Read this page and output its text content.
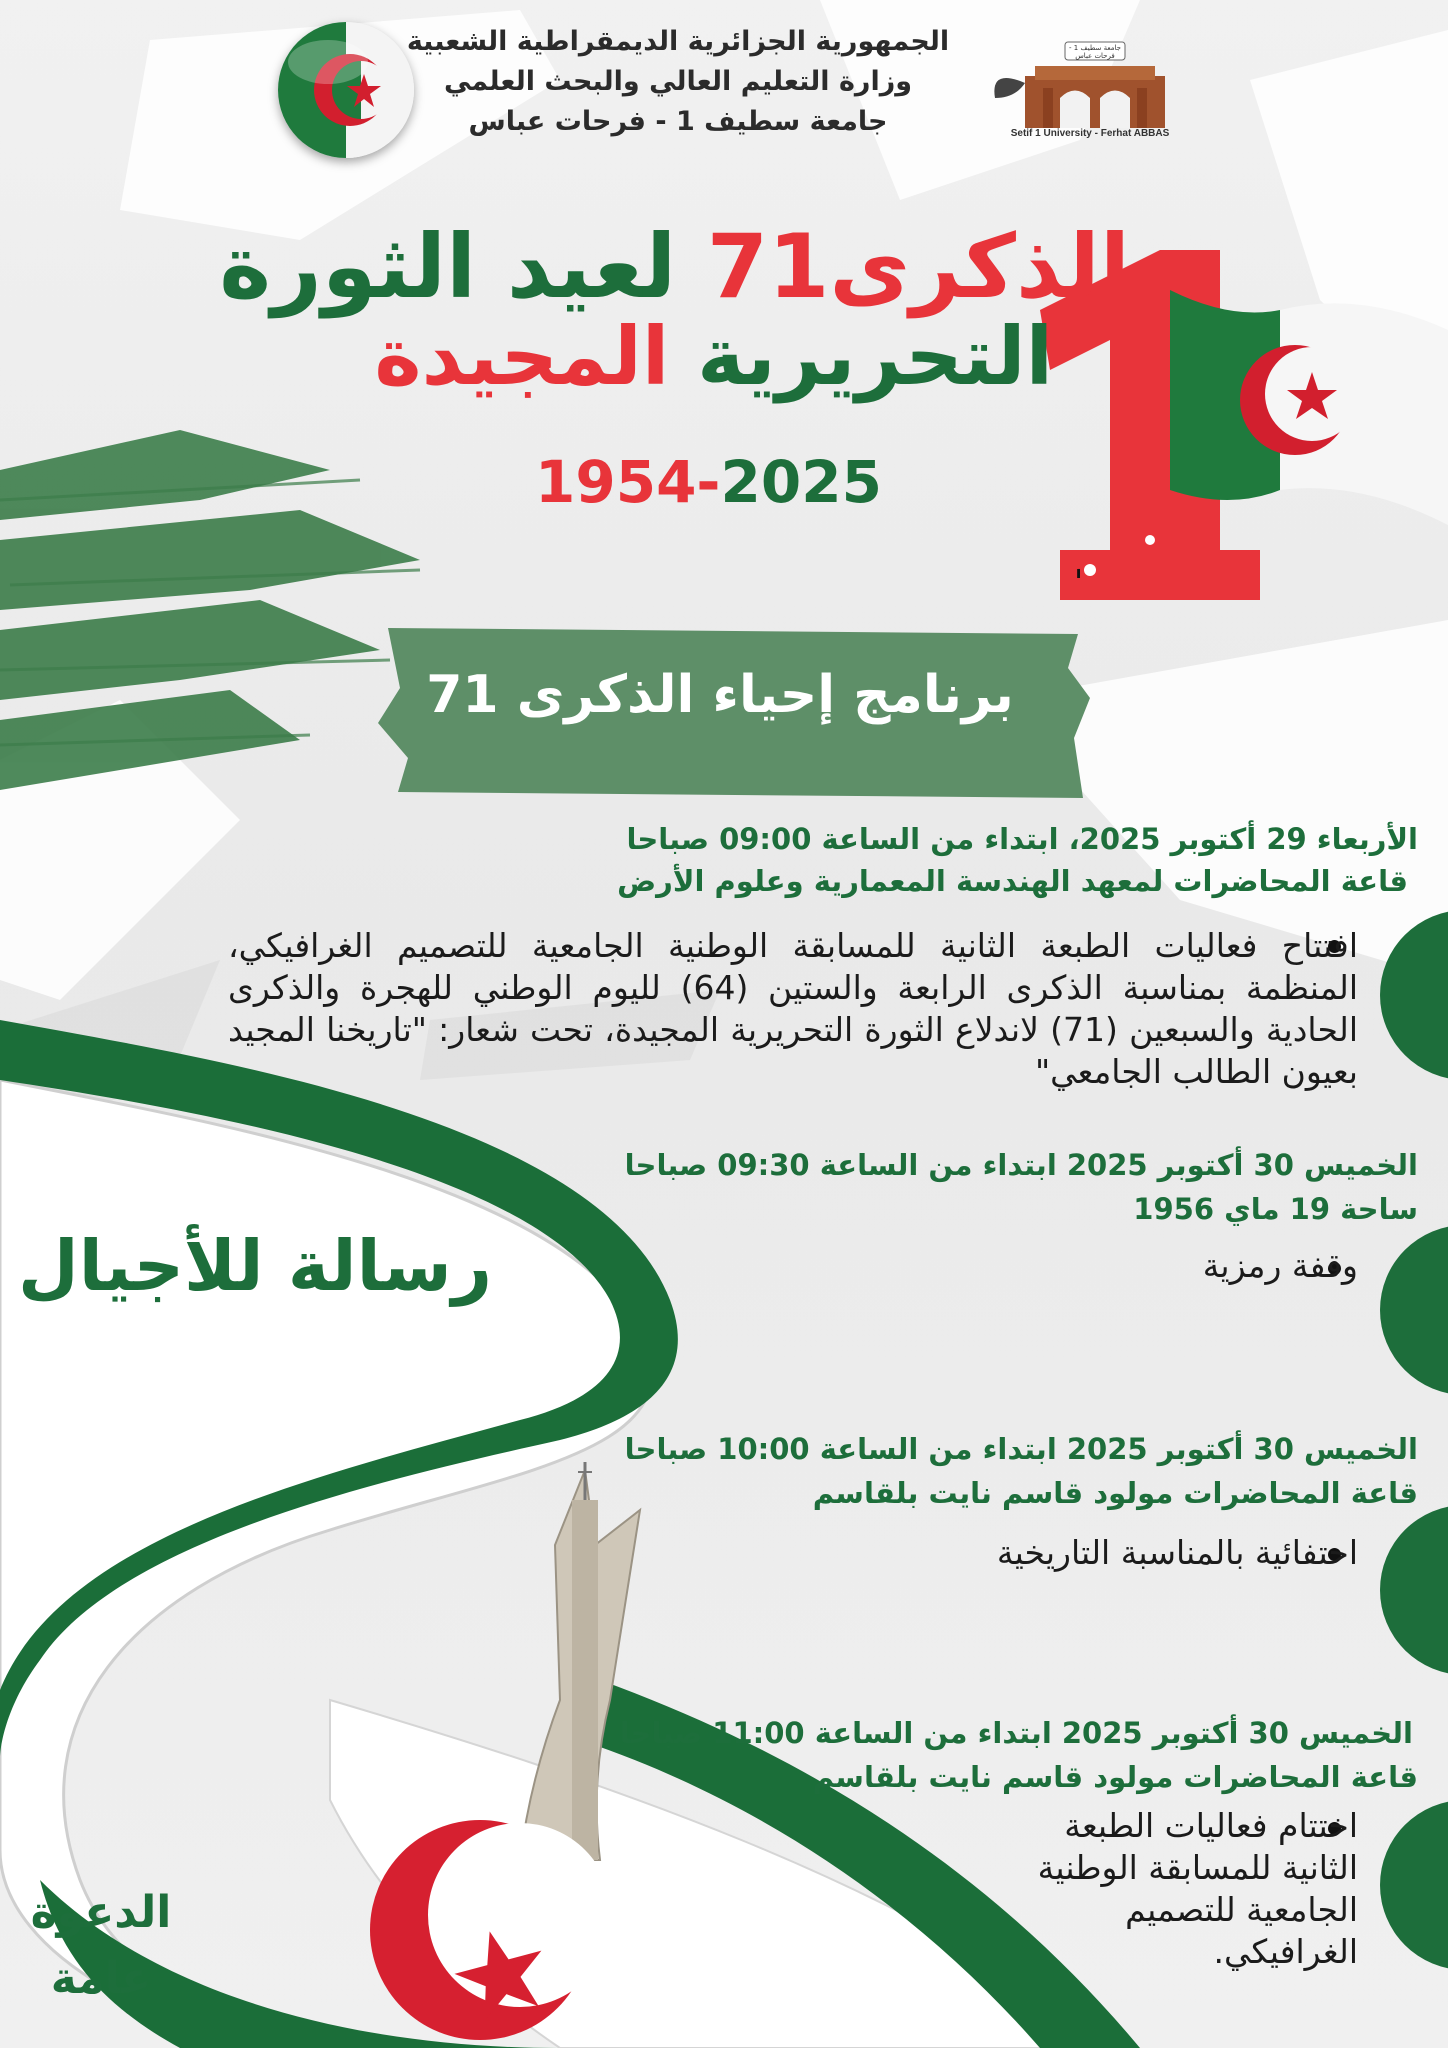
الجمهورية الجزائرية الديمقراطية الشعبية
وزارة التعليم العالي والبحث العلمي
جامعة سطيف 1 - فرحات عباس
جامعة سطيف 1 - فرحات عباس
Setif 1 University - Ferhat ABBAS
الذكرى71 لعيد الثورة
التحريرية المجيدة
1954-2025
برنامج إحياء الذكرى 71
الأربعاء 29 أكتوبر 2025، ابتداء من الساعة 09:00 صباحا
قاعة المحاضرات لمعهد الهندسة المعمارية وعلوم الأرض
افتتاح فعاليات الطبعة الثانية للمسابقة الوطنية الجامعية للتصميم الغرافيكي، المنظمة بمناسبة الذكرى الرابعة والستين (64) لليوم الوطني للهجرة والذكرى الحادية والسبعين (71) لاندلاع الثورة التحريرية المجيدة، تحت شعار: "تاريخنا المجيد بعيون الطالب الجامعي"
الخميس 30 أكتوبر 2025 ابتداء من الساعة 09:30 صباحا
ساحة 19 ماي 1956
وقفة رمزية
الخميس 30 أكتوبر 2025 ابتداء من الساعة 10:00 صباحا
قاعة المحاضرات مولود قاسم نايت بلقاسم
احتفائية بالمناسبة التاريخية
الخميس 30 أكتوبر 2025 ابتداء من الساعة 11:00 صباحا
قاعة المحاضرات مولود قاسم نايت بلقاسم
اختتام فعاليات الطبعة الثانية للمسابقة الوطنية الجامعية للتصميم الغرافيكي.
رسالة للأجيال
الدعوة
عامة
